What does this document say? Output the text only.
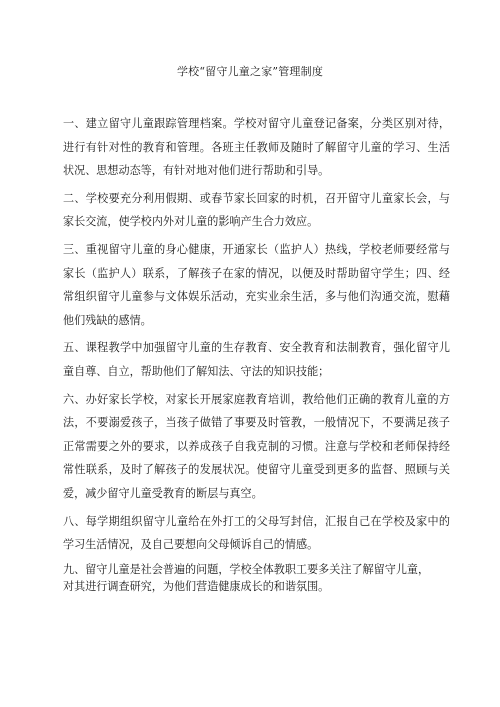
学校“留守儿童之家”管理制度

一、建立留守儿童跟踪管理档案。学校对留守儿童登记备案，分类区别对待，进行有针对性的教育和管理。各班主任教师及随时了解留守儿童的学习、生活状况、思想动态等，有针对地对他们进行帮助和引导。

二、学校要充分利用假期、或春节家长回家的时机，召开留守儿童家长会，与家长交流，使学校内外对儿童的影响产生合力效应。

三、重视留守儿童的身心健康，开通家长（监护人）热线，学校老师要经常与家长（监护人）联系，了解孩子在家的情况，以便及时帮助留守学生；四、经常组织留守儿童参与文体娱乐活动，充实业余生活，多与他们沟通交流，慰藉他们残缺的感情。

五、课程教学中加强留守儿童的生存教育、安全教育和法制教育，强化留守儿童自尊、自立，帮助他们了解知法、守法的知识技能；

六、办好家长学校，对家长开展家庭教育培训，教给他们正确的教育儿童的方法，不要溺爱孩子，当孩子做错了事要及时管教，一般情况下，不要满足孩子正常需要之外的要求，以养成孩子自我克制的习惯。注意与学校和老师保持经常性联系，及时了解孩子的发展状况。使留守儿童受到更多的监督、照顾与关爱，减少留守儿童受教育的断层与真空。

八、每学期组织留守儿童给在外打工的父母写封信，汇报自己在学校及家中的学习生活情况，及自己要想向父母倾诉自己的情感。

九、留守儿童是社会普遍的问题，学校全体教职工要多关注了解留守儿童，
对其进行调查研究，为他们营造健康成长的和谐氛围。
